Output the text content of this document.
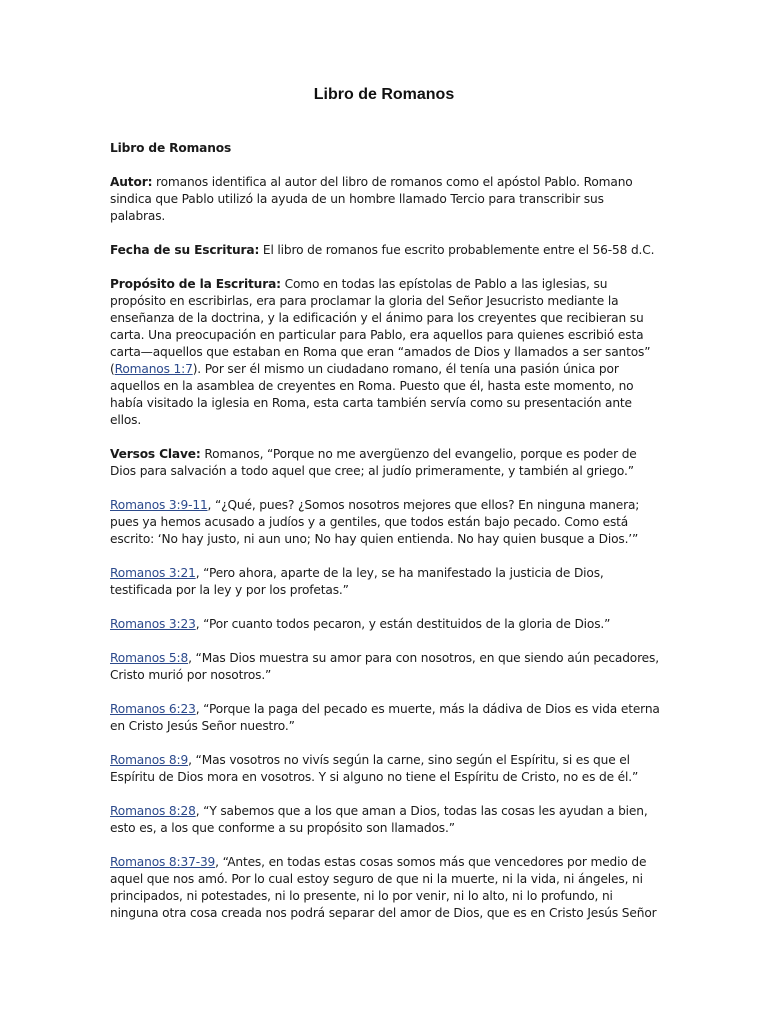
Libro de Romanos

Libro de Romanos

Autor: romanos identifica al autor del libro de romanos como el apóstol Pablo. Romano sindica que Pablo utilizó la ayuda de un hombre llamado Tercio para transcribir sus palabras.

Fecha de su Escritura: El libro de romanos fue escrito probablemente entre el 56-58 d.C.

Propósito de la Escritura: Como en todas las epístolas de Pablo a las iglesias, su propósito en escribirlas, era para proclamar la gloria del Señor Jesucristo mediante la enseñanza de la doctrina, y la edificación y el ánimo para los creyentes que recibieran su carta. Una preocupación en particular para Pablo, era aquellos para quienes escribió esta carta—aquellos que estaban en Roma que eran “amados de Dios y llamados a ser santos” (Romanos 1:7). Por ser él mismo un ciudadano romano, él tenía una pasión única por aquellos en la asamblea de creyentes en Roma. Puesto que él, hasta este momento, no había visitado la iglesia en Roma, esta carta también servía como su presentación ante ellos.

Versos Clave: Romanos, “Porque no me avergüenzo del evangelio, porque es poder de Dios para salvación a todo aquel que cree; al judío primeramente, y también al griego.”

Romanos 3:9-11, “¿Qué, pues? ¿Somos nosotros mejores que ellos? En ninguna manera; pues ya hemos acusado a judíos y a gentiles, que todos están bajo pecado. Como está escrito: ‘No hay justo, ni aun uno; No hay quien entienda. No hay quien busque a Dios.’”

Romanos 3:21, “Pero ahora, aparte de la ley, se ha manifestado la justicia de Dios, testificada por la ley y por los profetas.”

Romanos 3:23, “Por cuanto todos pecaron, y están destituidos de la gloria de Dios.”

Romanos 5:8, “Mas Dios muestra su amor para con nosotros, en que siendo aún pecadores, Cristo murió por nosotros.”

Romanos 6:23, “Porque la paga del pecado es muerte, más la dádiva de Dios es vida eterna en Cristo Jesús Señor nuestro.”

Romanos 8:9, “Mas vosotros no vivís según la carne, sino según el Espíritu, si es que el Espíritu de Dios mora en vosotros. Y si alguno no tiene el Espíritu de Cristo, no es de él.”

Romanos 8:28, “Y sabemos que a los que aman a Dios, todas las cosas les ayudan a bien, esto es, a los que conforme a su propósito son llamados.”

Romanos 8:37-39, “Antes, en todas estas cosas somos más que vencedores por medio de aquel que nos amó. Por lo cual estoy seguro de que ni la muerte, ni la vida, ni ángeles, ni principados, ni potestades, ni lo presente, ni lo por venir, ni lo alto, ni lo profundo, ni ninguna otra cosa creada nos podrá separar del amor de Dios, que es en Cristo Jesús Señor
